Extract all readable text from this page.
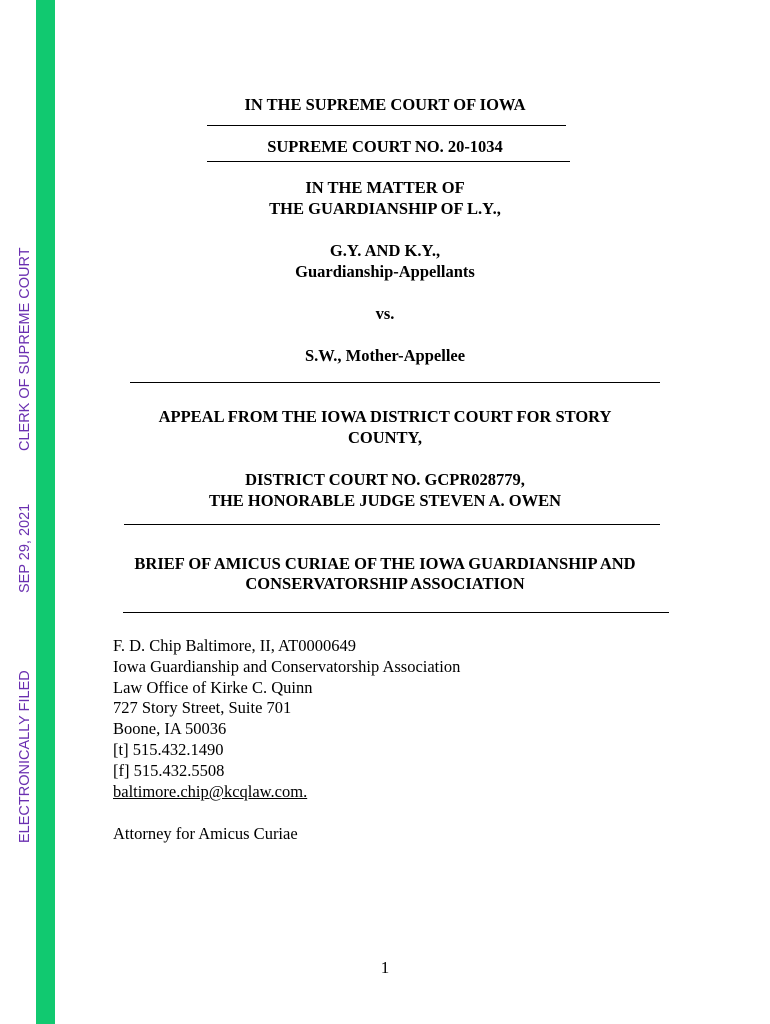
ELECTRONICALLY FILED
SEP 29, 2021
CLERK OF SUPREME COURT
IN THE SUPREME COURT OF IOWA
SUPREME COURT NO. 20-1034
IN THE MATTER OF
THE GUARDIANSHIP OF L.Y.,
G.Y. AND K.Y.,
Guardianship-Appellants
vs.
S.W., Mother-Appellee
APPEAL FROM THE IOWA DISTRICT COURT FOR STORY
COUNTY,
DISTRICT COURT NO. GCPR028779,
THE HONORABLE JUDGE STEVEN A. OWEN
BRIEF OF AMICUS CURIAE OF THE IOWA GUARDIANSHIP AND
CONSERVATORSHIP ASSOCIATION
F. D. Chip Baltimore, II, AT0000649
Iowa Guardianship and Conservatorship Association
Law Office of Kirke C. Quinn
727 Story Street, Suite 701
Boone, IA 50036
[t] 515.432.1490
[f] 515.432.5508
baltimore.chip@kcqlaw.com.
Attorney for Amicus Curiae
1
